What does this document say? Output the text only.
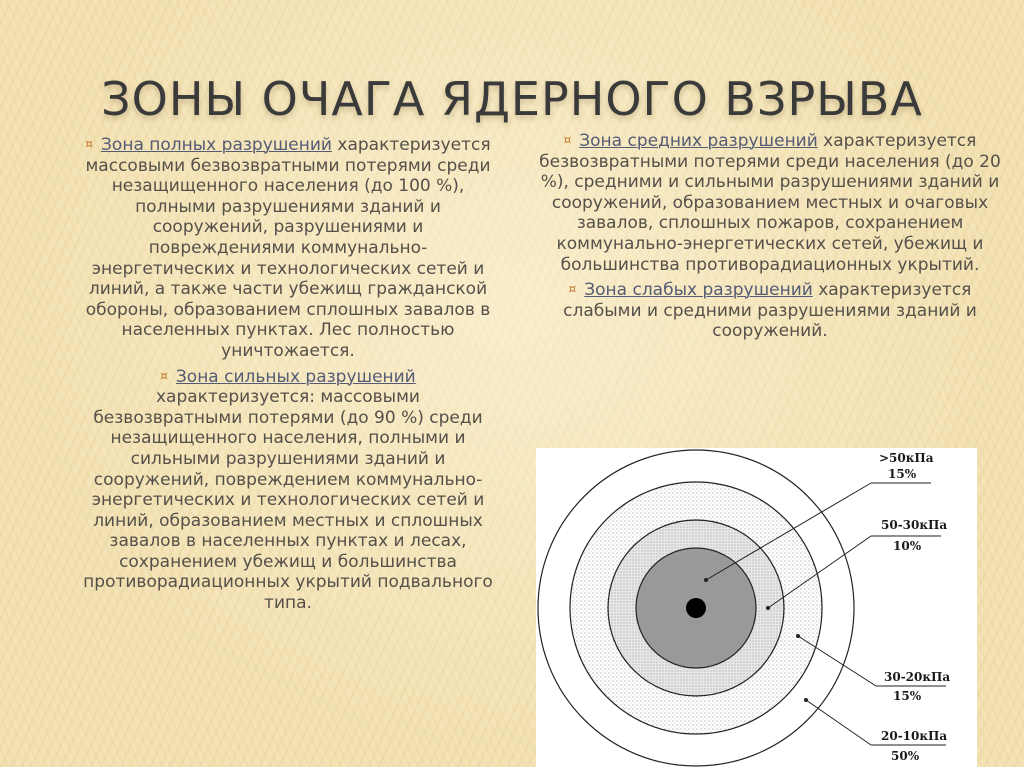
ЗОНЫ ОЧАГА ЯДЕРНОГО ВЗРЫВА

¤ Зона полных разрушений характеризуется массовыми безвозвратными потерями среди незащищенного населения (до 100 %), полными разрушениями зданий и сооружений, разрушениями и повреждениями коммунально-энергетических и технологических сетей и линий, а также части убежищ гражданской обороны, образованием сплошных завалов в населенных пунктах. Лес полностью уничтожается.

¤ Зона сильных разрушений характеризуется: массовыми безвозвратными потерями (до 90 %) среди незащищенного населения, полными и сильными разрушениями зданий и сооружений, повреждением коммунально-энергетических и технологических сетей и линий, образованием местных и сплошных завалов в населенных пунктах и лесах, сохранением убежищ и большинства противорадиационных укрытий подвального типа.

¤ Зона средних разрушений характеризуется безвозвратными потерями среди населения (до 20 %), средними и сильными разрушениями зданий и сооружений, образованием местных и очаговых завалов, сплошных пожаров, сохранением коммунально-энергетических сетей, убежищ и большинства противорадиационных укрытий.

¤ Зона слабых разрушений характеризуется слабыми и средними разрушениями зданий и сооружений.

>50кПа
15%
50-30кПа
10%
30-20кПа
15%
20-10кПа
50%
